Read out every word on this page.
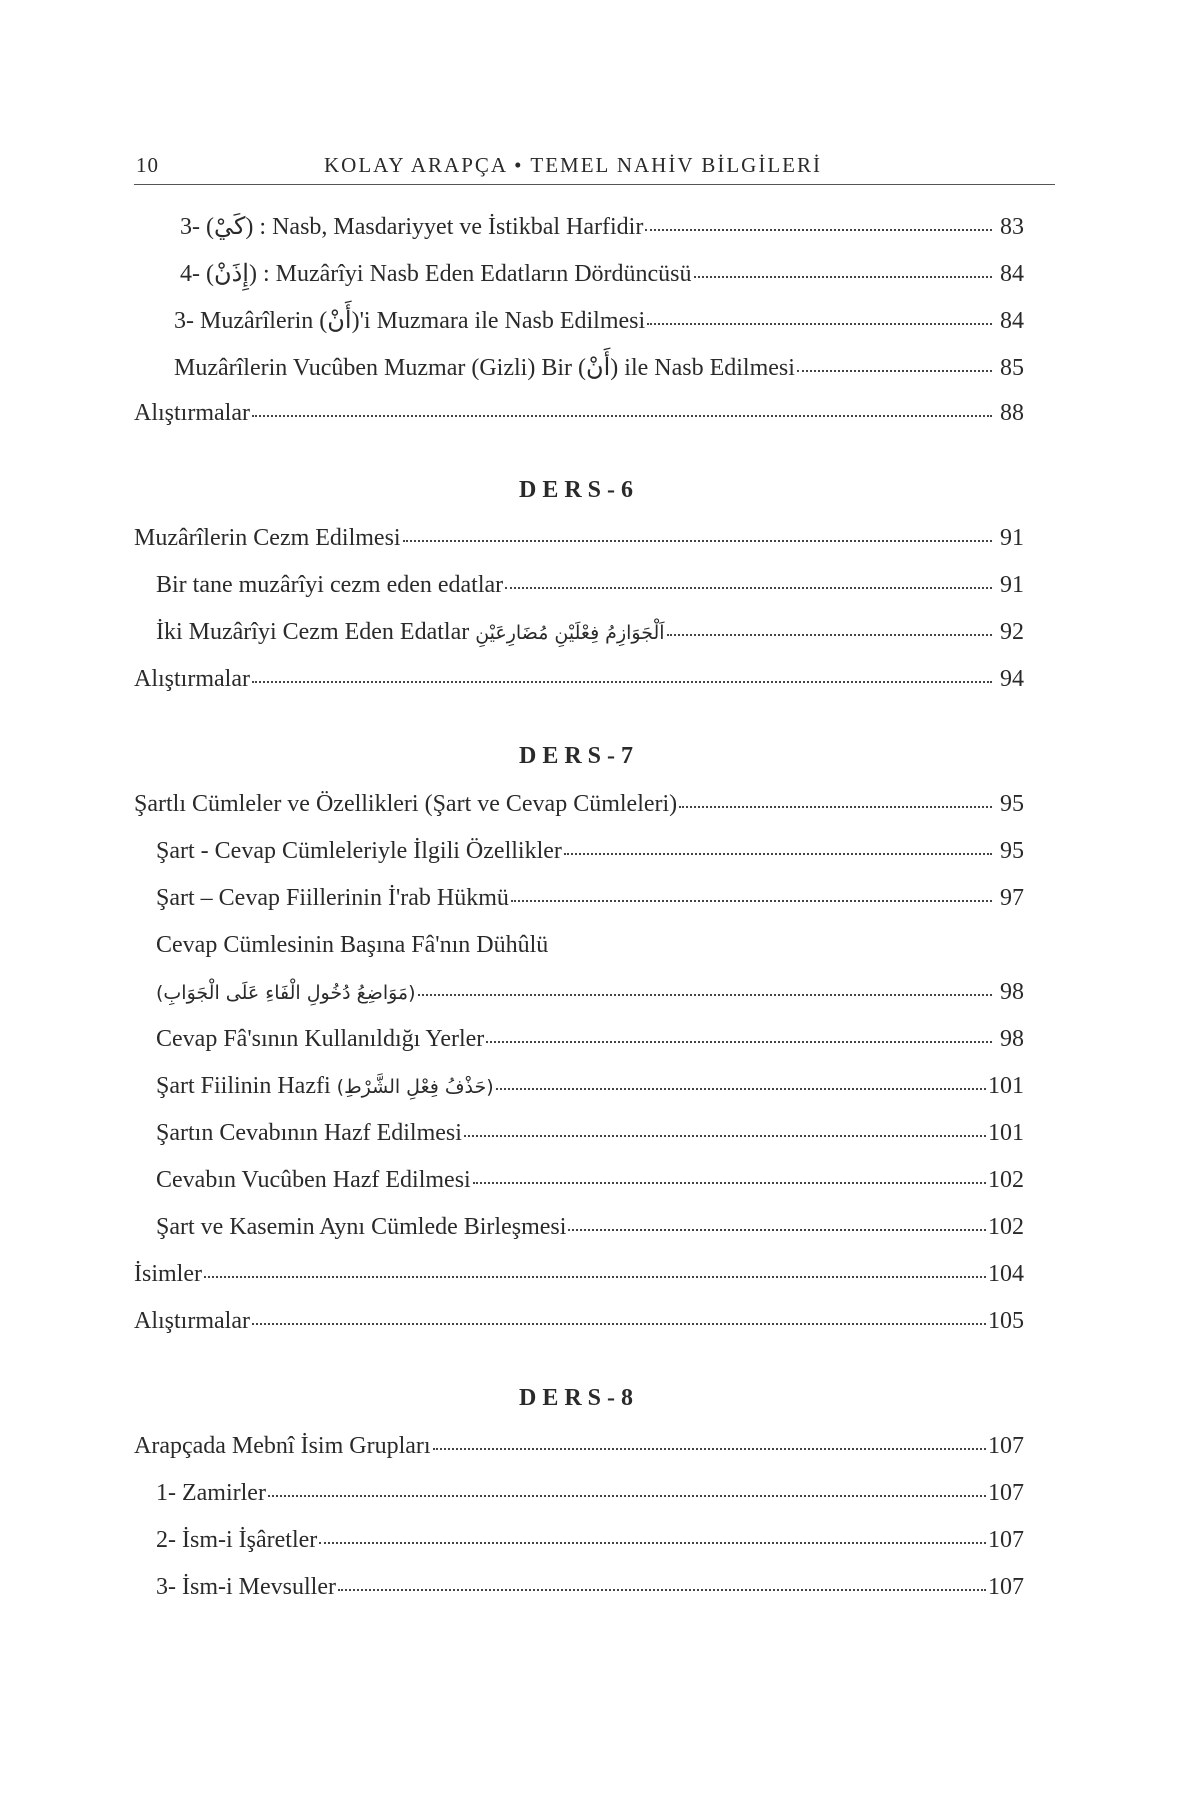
10	KOLAY ARAPÇA • TEMEL NAHİV BİLGİLERİ
3- (كَيْ) : Nasb, Masdariyyet ve İstikbal Harfidir	83
4- (إِذَنْ) : Muzârîyi Nasb Eden Edatların Dördüncüsü	84
3- Muzârîlerin (أَنْ)'i Muzmara ile Nasb Edilmesi	84
Muzârîlerin Vucûben Muzmar (Gizli) Bir (أَنْ) ile Nasb Edilmesi	85
Alıştırmalar	88
DERS-6
Muzârîlerin Cezm Edilmesi	91
Bir tane muzârîyi cezm eden edatlar	91
İki Muzârîyi Cezm Eden Edatlar اَلْجَوَازِمُ فِعْلَيْنِ مُضَارِعَيْنِ	92
Alıştırmalar	94
DERS-7
Şartlı Cümleler ve Özellikleri (Şart ve Cevap Cümleleri)	95
Şart - Cevap Cümleleriyle İlgili Özellikler	95
Şart – Cevap Fiillerinin İ'rab Hükmü	97
Cevap Cümlesinin Başına Fâ'nın Dühûlü
(مَوَاضِعُ دُخُولِ الْفَاءِ عَلَى الْجَوَابِ)	98
Cevap Fâ'sının Kullanıldığı Yerler	98
Şart Fiilinin Hazfi (حَذْفُ فِعْلِ الشَّرْطِ)	101
Şartın Cevabının Hazf Edilmesi	101
Cevabın Vucûben Hazf Edilmesi	102
Şart ve Kasemin Aynı Cümlede Birleşmesi	102
İsimler	104
Alıştırmalar	105
DERS-8
Arapçada Mebnî İsim Grupları	107
1- Zamirler	107
2- İsm-i İşâretler	107
3- İsm-i Mevsuller	107
